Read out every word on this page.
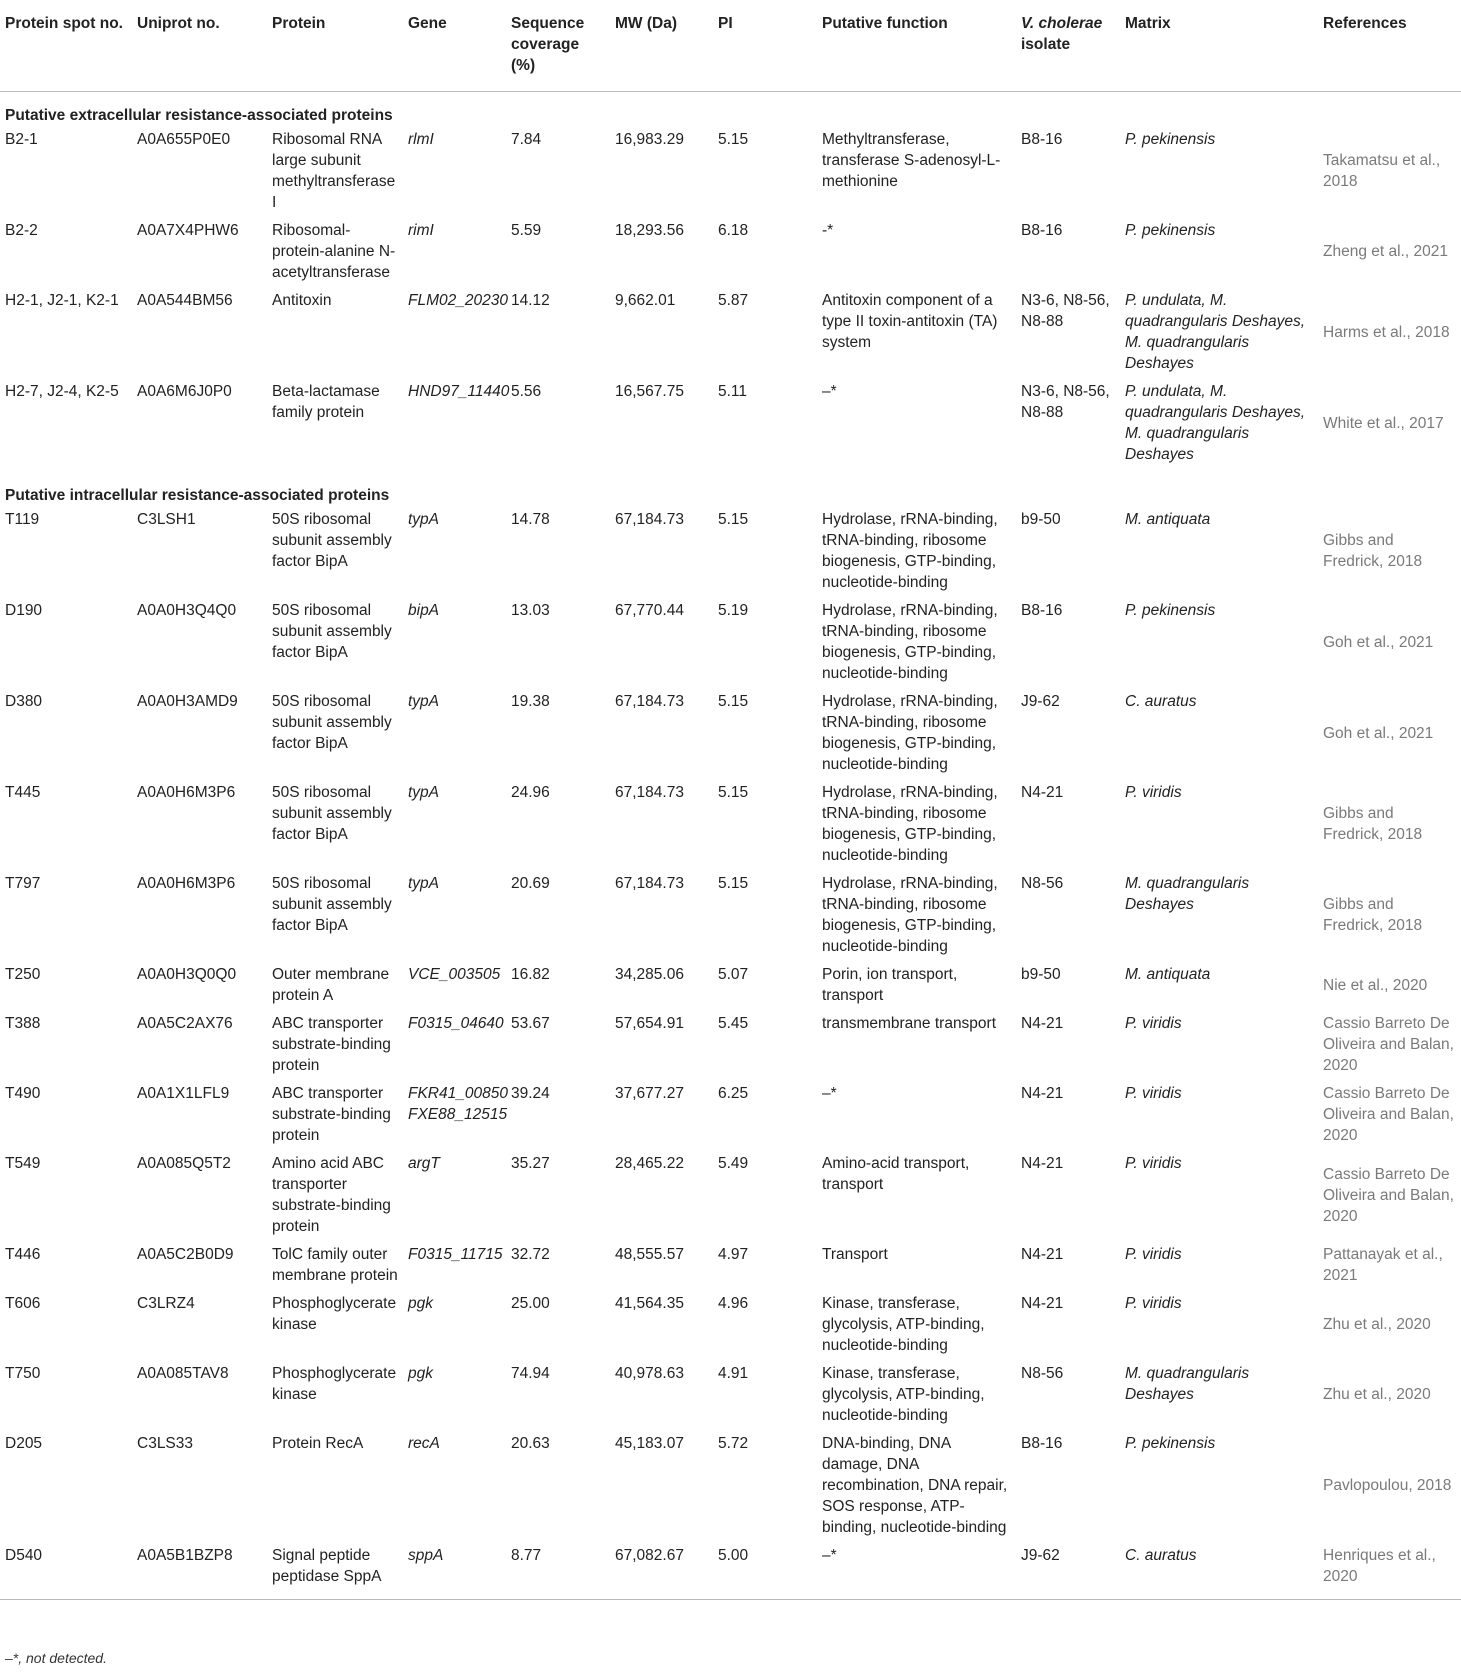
Protein spot no.	Uniprot no.	Protein	Gene	Sequence coverage (%)	MW (Da)	PI	Putative function	V. cholerae isolate	Matrix	References
Putative extracellular resistance-associated proteins										
B2-1	A0A655P0E0	Ribosomal RNA large subunit methyltransferase I	rlmI	7.84	16,983.29	5.15	Methyltransferase, transferase S-adenosyl-L-methionine	B8-16	P. pekinensis	Takamatsu et al., 2018
B2-2	A0A7X4PHW6	Ribosomal-protein-alanine N-acetyltransferase	rimI	5.59	18,293.56	6.18	-*	B8-16	P. pekinensis	Zheng et al., 2021
H2-1, J2-1, K2-1	A0A544BM56	Antitoxin	FLM02_20230	14.12	9,662.01	5.87	Antitoxin component of a type II toxin-antitoxin (TA) system	N3-6, N8-56, N8-88	P. undulata, M. quadrangularis Deshayes, M. quadrangularis Deshayes	Harms et al., 2018
H2-7, J2-4, K2-5	A0A6M6J0P0	Beta-lactamase family protein	HND97_11440	5.56	16,567.75	5.11	–*	N3-6, N8-56, N8-88	P. undulata, M. quadrangularis Deshayes, M. quadrangularis Deshayes	White et al., 2017
Putative intracellular resistance-associated proteins										
T119	C3LSH1	50S ribosomal subunit assembly factor BipA	typA	14.78	67,184.73	5.15	Hydrolase, rRNA-binding, tRNA-binding, ribosome biogenesis, GTP-binding, nucleotide-binding	b9-50	M. antiquata	Gibbs and Fredrick, 2018
D190	A0A0H3Q4Q0	50S ribosomal subunit assembly factor BipA	bipA	13.03	67,770.44	5.19	Hydrolase, rRNA-binding, tRNA-binding, ribosome biogenesis, GTP-binding, nucleotide-binding	B8-16	P. pekinensis	Goh et al., 2021
D380	A0A0H3AMD9	50S ribosomal subunit assembly factor BipA	typA	19.38	67,184.73	5.15	Hydrolase, rRNA-binding, tRNA-binding, ribosome biogenesis, GTP-binding, nucleotide-binding	J9-62	C. auratus	Goh et al., 2021
T445	A0A0H6M3P6	50S ribosomal subunit assembly factor BipA	typA	24.96	67,184.73	5.15	Hydrolase, rRNA-binding, tRNA-binding, ribosome biogenesis, GTP-binding, nucleotide-binding	N4-21	P. viridis	Gibbs and Fredrick, 2018
T797	A0A0H6M3P6	50S ribosomal subunit assembly factor BipA	typA	20.69	67,184.73	5.15	Hydrolase, rRNA-binding, tRNA-binding, ribosome biogenesis, GTP-binding, nucleotide-binding	N8-56	M. quadrangularis Deshayes	Gibbs and Fredrick, 2018
T250	A0A0H3Q0Q0	Outer membrane protein A	VCE_003505	16.82	34,285.06	5.07	Porin, ion transport, transport	b9-50	M. antiquata	Nie et al., 2020
T388	A0A5C2AX76	ABC transporter substrate-binding protein	F0315_04640	53.67	57,654.91	5.45	transmembrane transport	N4-21	P. viridis	Cassio Barreto De Oliveira and Balan, 2020
T490	A0A1X1LFL9	ABC transporter substrate-binding protein	FKR41_00850 FXE88_12515	39.24	37,677.27	6.25	–*	N4-21	P. viridis	Cassio Barreto De Oliveira and Balan, 2020
T549	A0A085Q5T2	Amino acid ABC transporter substrate-binding protein	argT	35.27	28,465.22	5.49	Amino-acid transport, transport	N4-21	P. viridis	Cassio Barreto De Oliveira and Balan, 2020
T446	A0A5C2B0D9	TolC family outer membrane protein	F0315_11715	32.72	48,555.57	4.97	Transport	N4-21	P. viridis	Pattanayak et al., 2021
T606	C3LRZ4	Phosphoglycerate kinase	pgk	25.00	41,564.35	4.96	Kinase, transferase, glycolysis, ATP-binding, nucleotide-binding	N4-21	P. viridis	Zhu et al., 2020
T750	A0A085TAV8	Phosphoglycerate kinase	pgk	74.94	40,978.63	4.91	Kinase, transferase, glycolysis, ATP-binding, nucleotide-binding	N8-56	M. quadrangularis Deshayes	Zhu et al., 2020
D205	C3LS33	Protein RecA	recA	20.63	45,183.07	5.72	DNA-binding, DNA damage, DNA recombination, DNA repair, SOS response, ATP-binding, nucleotide-binding	B8-16	P. pekinensis	Pavlopoulou, 2018
D540	A0A5B1BZP8	Signal peptide peptidase SppA	sppA	8.77	67,082.67	5.00	–*	J9-62	C. auratus	Henriques et al., 2020
–*, not detected.
